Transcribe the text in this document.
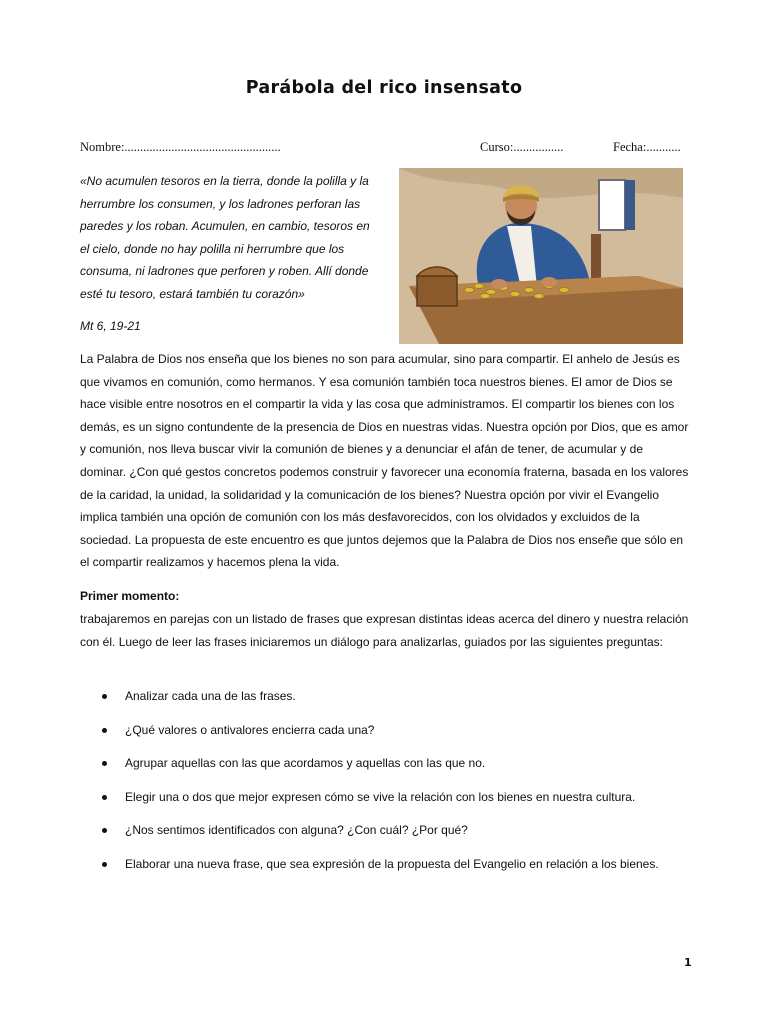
Parábola del rico insensato
Nombre:..................................................	Curso:................	Fecha:...........

«No acumulen tesoros en la tierra, donde la polilla y la

herrumbre los consumen, y los ladrones perforan las

paredes y los roban. Acumulen, en cambio, tesoros en

el cielo, donde no hay polilla ni herrumbre que los

consuma, ni ladrones que perforen y roben. Allí donde

esté tu tesoro, estará también tu corazón»

Mt 6, 19-21

La Palabra de Dios nos enseña que los bienes no son para acumular, sino para compartir. El anhelo de Jesús es que vivamos en comunión, como hermanos. Y esa comunión también toca nuestros bienes. El amor de Dios se hace visible entre nosotros en el compartir la vida y las cosa que administramos. El compartir los bienes con los demás, es un signo contundente de la presencia de Dios en nuestras vidas. Nuestra opción por Dios, que es amor y comunión, nos lleva buscar vivir la comunión de bienes y a denunciar el afán de tener, de acumular y de dominar. ¿Con qué gestos concretos podemos construir y favorecer una economía fraterna, basada en los valores de la caridad, la unidad, la solidaridad y la comunicación de los bienes? Nuestra opción por vivir el Evangelio implica también una opción de comunión con los más desfavorecidos, con los olvidados y excluidos de la sociedad. La propuesta de este encuentro es que juntos dejemos que la Palabra de Dios nos enseñe que sólo en el compartir realizamos y hacemos plena la vida.

Primer momento:

trabajaremos en parejas con un listado de frases que expresan distintas ideas acerca del dinero y nuestra relación con él. Luego de leer las frases iniciaremos un diálogo para analizarlas, guiados por las siguientes preguntas:

Analizar cada una de las frases.
¿Qué valores o antivalores encierra cada una?
Agrupar aquellas con las que acordamos y aquellas con las que no.
Elegir una o dos que mejor expresen cómo se vive la relación con los bienes en nuestra cultura.
¿Nos sentimos identificados con alguna? ¿Con cuál? ¿Por qué?
Elaborar una nueva frase, que sea expresión de la propuesta del Evangelio en relación a los bienes.
1
